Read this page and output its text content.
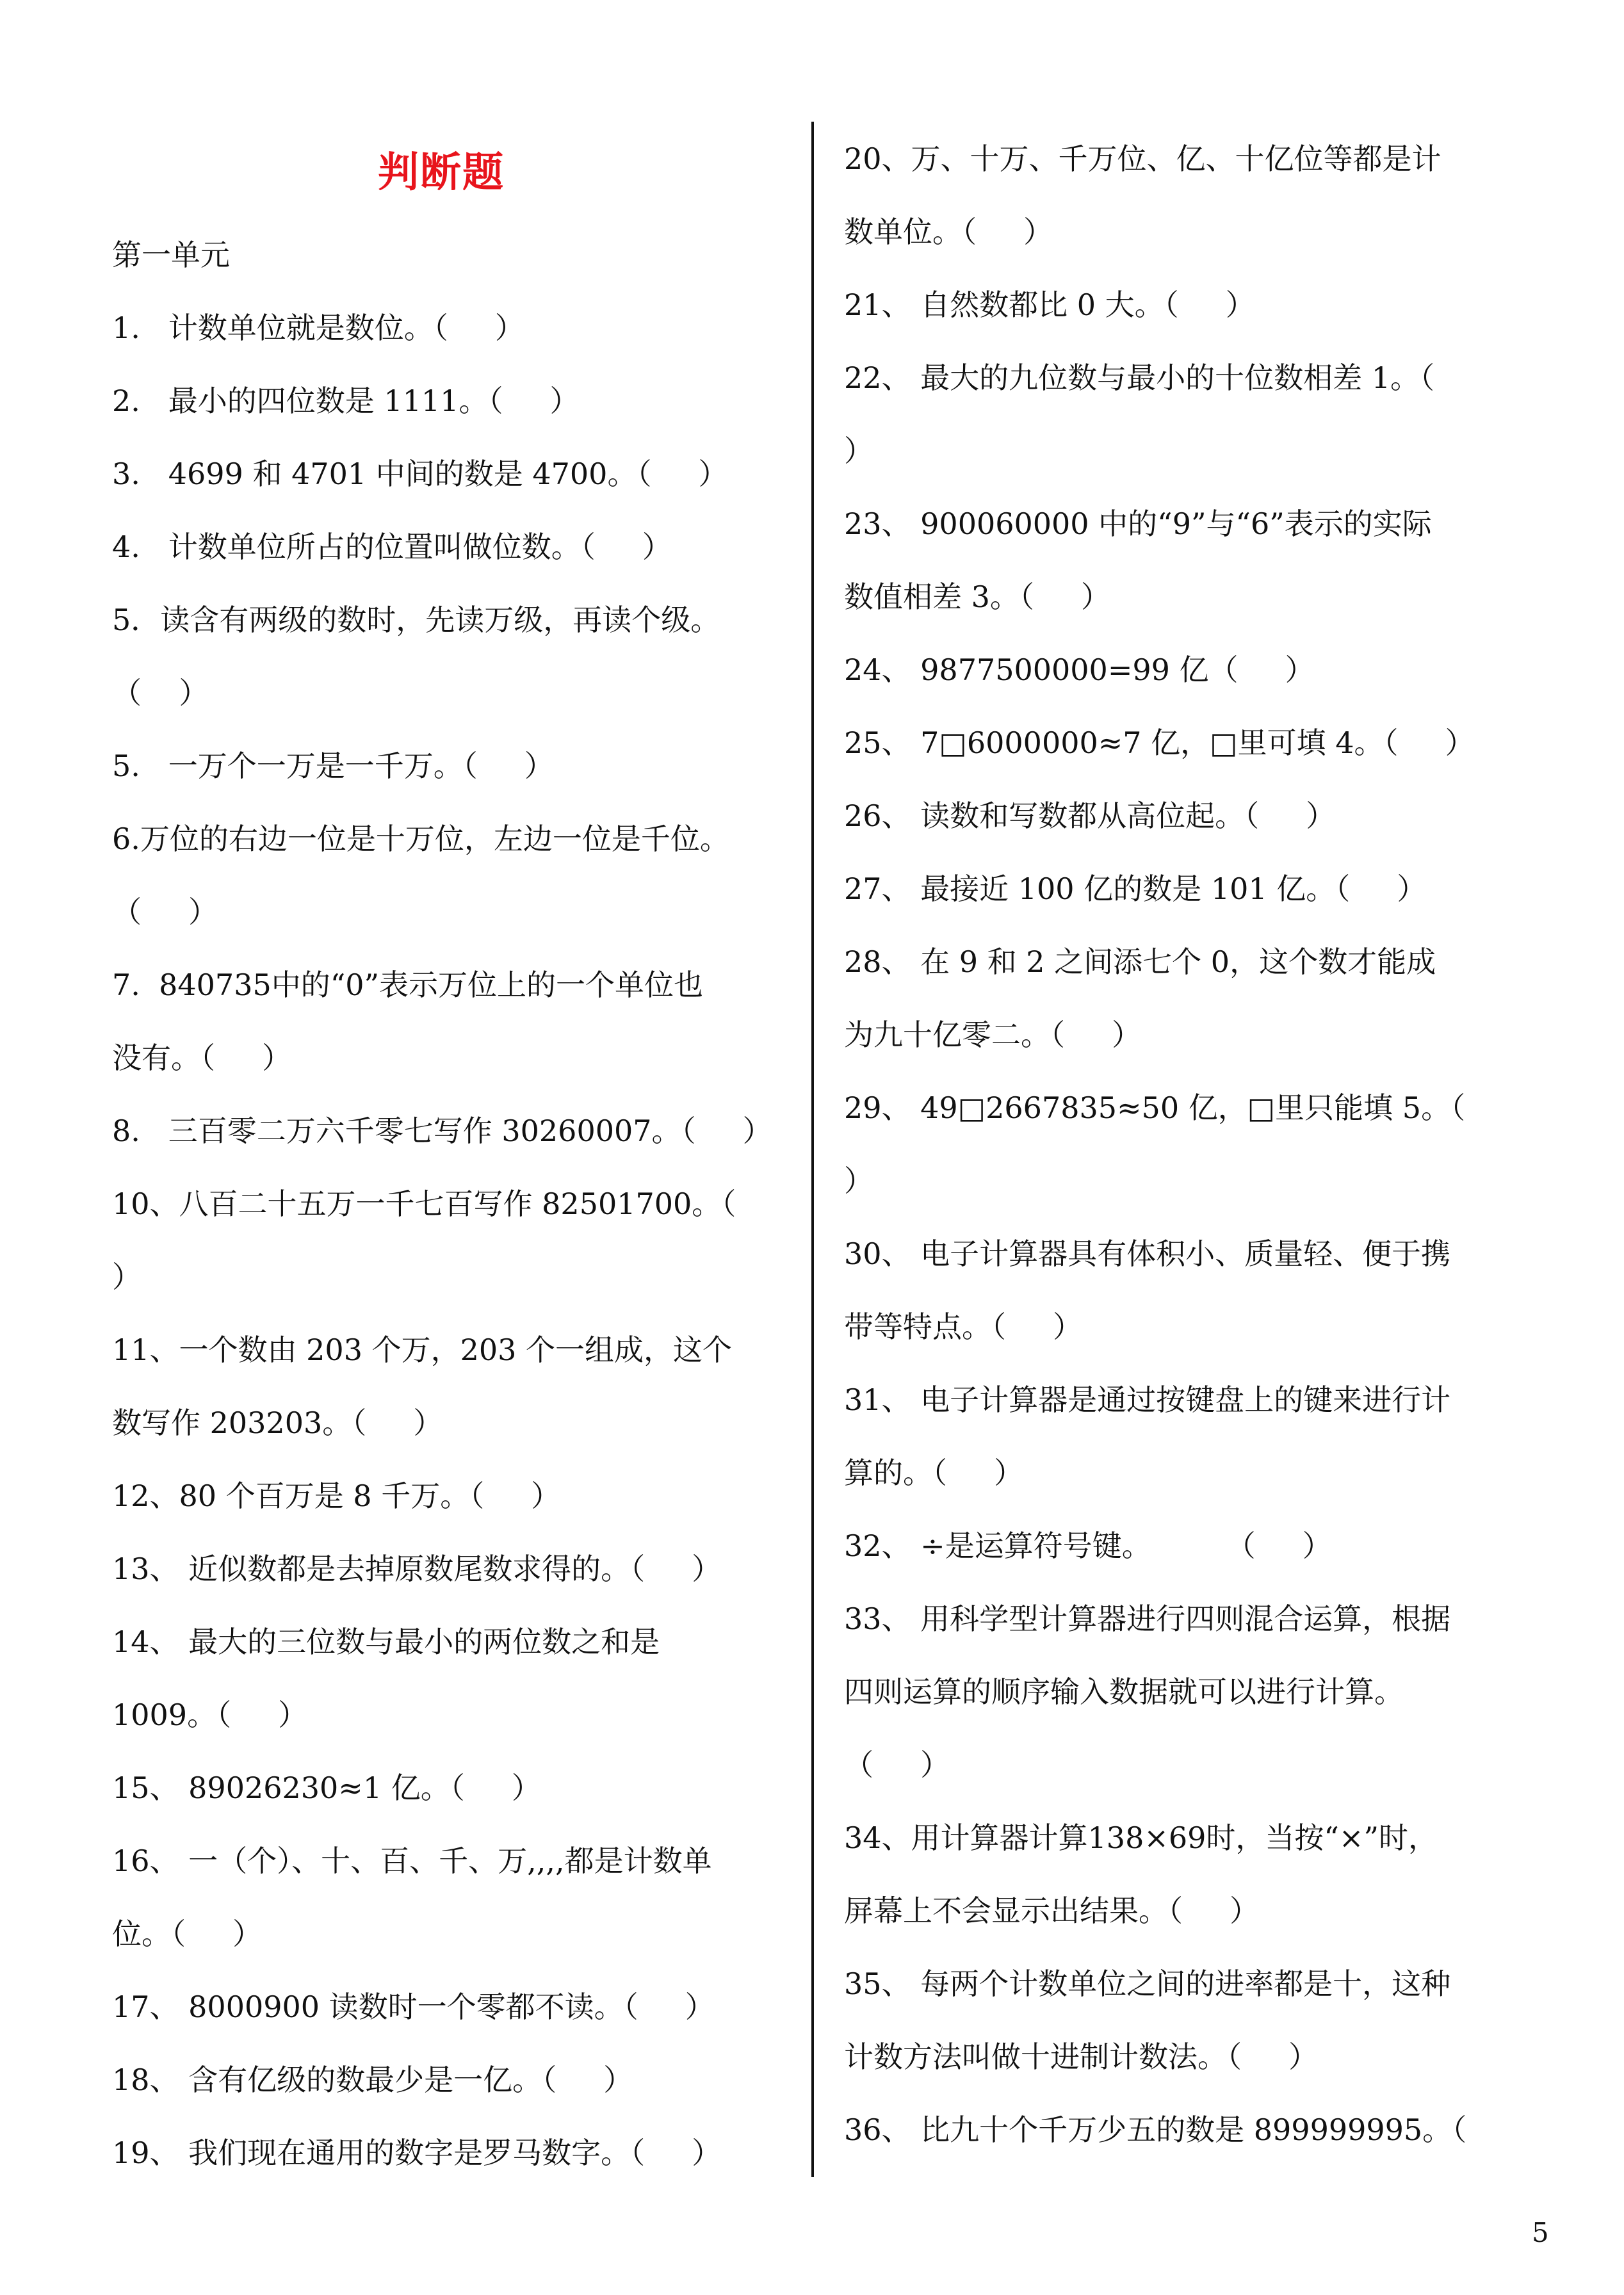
判断题
第一单元
1.   计数单位就是数位。（     ）
2.   最小的四位数是 1111。（     ）
3.   4699 和 4701 中间的数是 4700。（     ）
4.   计数单位所占的位置叫做位数。（     ）
5．读含有两级的数时，先读万级，再读个级。
（    ）
5.   一万个一万是一千万。（     ）
6.万位的右边一位是十万位，左边一位是千位。
（     ）
7.  840735中的“0”表示万位上的一个单位也
没有。（     ）
8.   三百零二万六千零七写作 30260007。（     ）
10、八百二十五万一千七百写作 82501700。（
）
11、一个数由 203 个万，203 个一组成，这个
数写作 203203。（     ）
12、80 个百万是 8 千万。（     ）
13、 近似数都是去掉原数尾数求得的。（     ）
14、 最大的三位数与最小的两位数之和是
1009。（     ）
15、 89026230≈1 亿。（     ）
16、 一（个）、十、百、千、万,,,,都是计数单
位。（     ）
17、 8000900 读数时一个零都不读。（     ）
18、 含有亿级的数最少是一亿。（     ）
19、 我们现在通用的数字是罗马数字。（     ）
20、万、十万、千万位、亿、十亿位等都是计
数单位。（     ）
21、 自然数都比 0 大。（     ）
22、 最大的九位数与最小的十位数相差 1。（
）
23、 900060000 中的“9”与“6”表示的实际
数值相差 3。（     ）
24、 9877500000=99 亿（     ）
25、 7□6000000≈7 亿，□里可填 4。（     ）
26、 读数和写数都从高位起。（     ）
27、 最接近 100 亿的数是 101 亿。（     ）
28、 在 9 和 2 之间添七个 0，这个数才能成
为九十亿零二。（     ）
29、 49□2667835≈50 亿，□里只能填 5。（
）
30、 电子计算器具有体积小、质量轻、便于携
带等特点。（     ）
31、 电子计算器是通过按键盘上的键来进行计
算的。（     ）
32、 ÷是运算符号键。        （     ）
33、 用科学型计算器进行四则混合运算，根据
四则运算的顺序输入数据就可以进行计算。
（     ）
34、用计算器计算138×69时，当按“×”时，
屏幕上不会显示出结果。（     ）
35、 每两个计数单位之间的进率都是十，这种
计数方法叫做十进制计数法。（     ）
36、 比九十个千万少五的数是 899999995。（
5
